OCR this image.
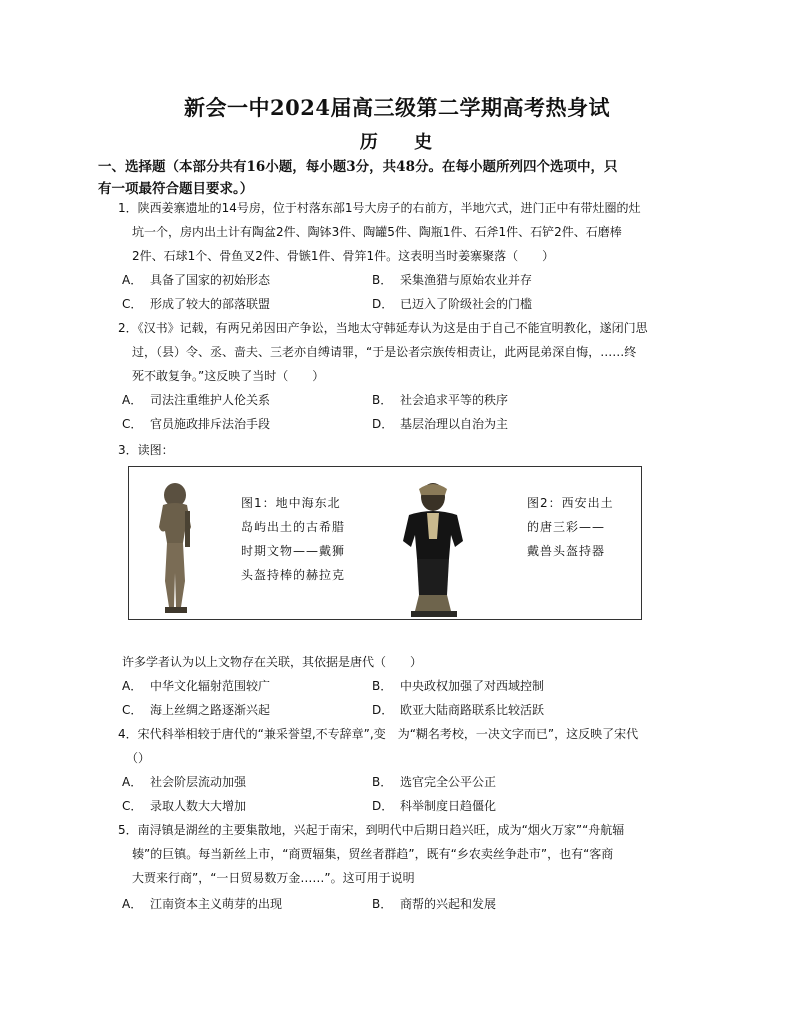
新会一中2024届高三级第二学期高考热身试
历 史
一、选择题（本部分共有16小题，每小题3分，共48分。在每小题所列四个选项中，只
有一项最符合题目要求。）
1．陕西姜寨遗址的14号房，位于村落东部1号大房子的右前方，半地穴式，进门正中有带灶圈的灶
坑一个，房内出土计有陶盆2件、陶钵3件、陶罐5件、陶瓶1件、石斧1件、石铲2件、石磨棒
2件、石球1个、骨鱼叉2件、骨镞1件、骨笄1件。这表明当时姜寨聚落（　　）
A． 具备了国家的初始形态	B． 采集渔猎与原始农业并存
C． 形成了较大的部落联盟	D． 已迈入了阶级社会的门槛
2．《汉书》记载，有两兄弟因田产争讼，当地太守韩延寿认为这是由于自己不能宣明教化，遂闭门思
过，（县）令、丞、啬夫、三老亦自缚请罪，“于是讼者宗族传相责让，此两昆弟深自悔，……终
死不敢复争。”这反映了当时（　　）
A． 司法注重维护人伦关系	B． 社会追求平等的秩序
C． 官员施政排斥法治手段	D． 基层治理以自治为主
3．读图：
图1：地中海东北
岛屿出土的古希腊
时期文物——戴狮
头盔持棒的赫拉克
图2：西安出土
的唐三彩——
戴兽头盔持器
许多学者认为以上文物存在关联，其依据是唐代（　　）
A． 中华文化辐射范围较广	B． 中央政权加强了对西域控制
C． 海上丝绸之路逐渐兴起	D． 欧亚大陆商路联系比较活跃
4．宋代科举相较于唐代的“兼采誉望,不专辞章”,变　为“糊名考校，一决文字而已”，这反映了宋代
（）
A． 社会阶层流动加强	B． 选官完全公平公正
C． 录取人数大大增加	D． 科举制度日趋僵化
5．南浔镇是湖丝的主要集散地，兴起于南宋，到明代中后期日趋兴旺，成为“烟火万家”“舟航辐
辏”的巨镇。每当新丝上市，“商贾辐集，贸丝者群趋”，既有“乡农卖丝争赴市”，也有“客商
大贾来行商”，“一日贸易数万金……”。这可用于说明
A． 江南资本主义萌芽的出现	B． 商帮的兴起和发展
